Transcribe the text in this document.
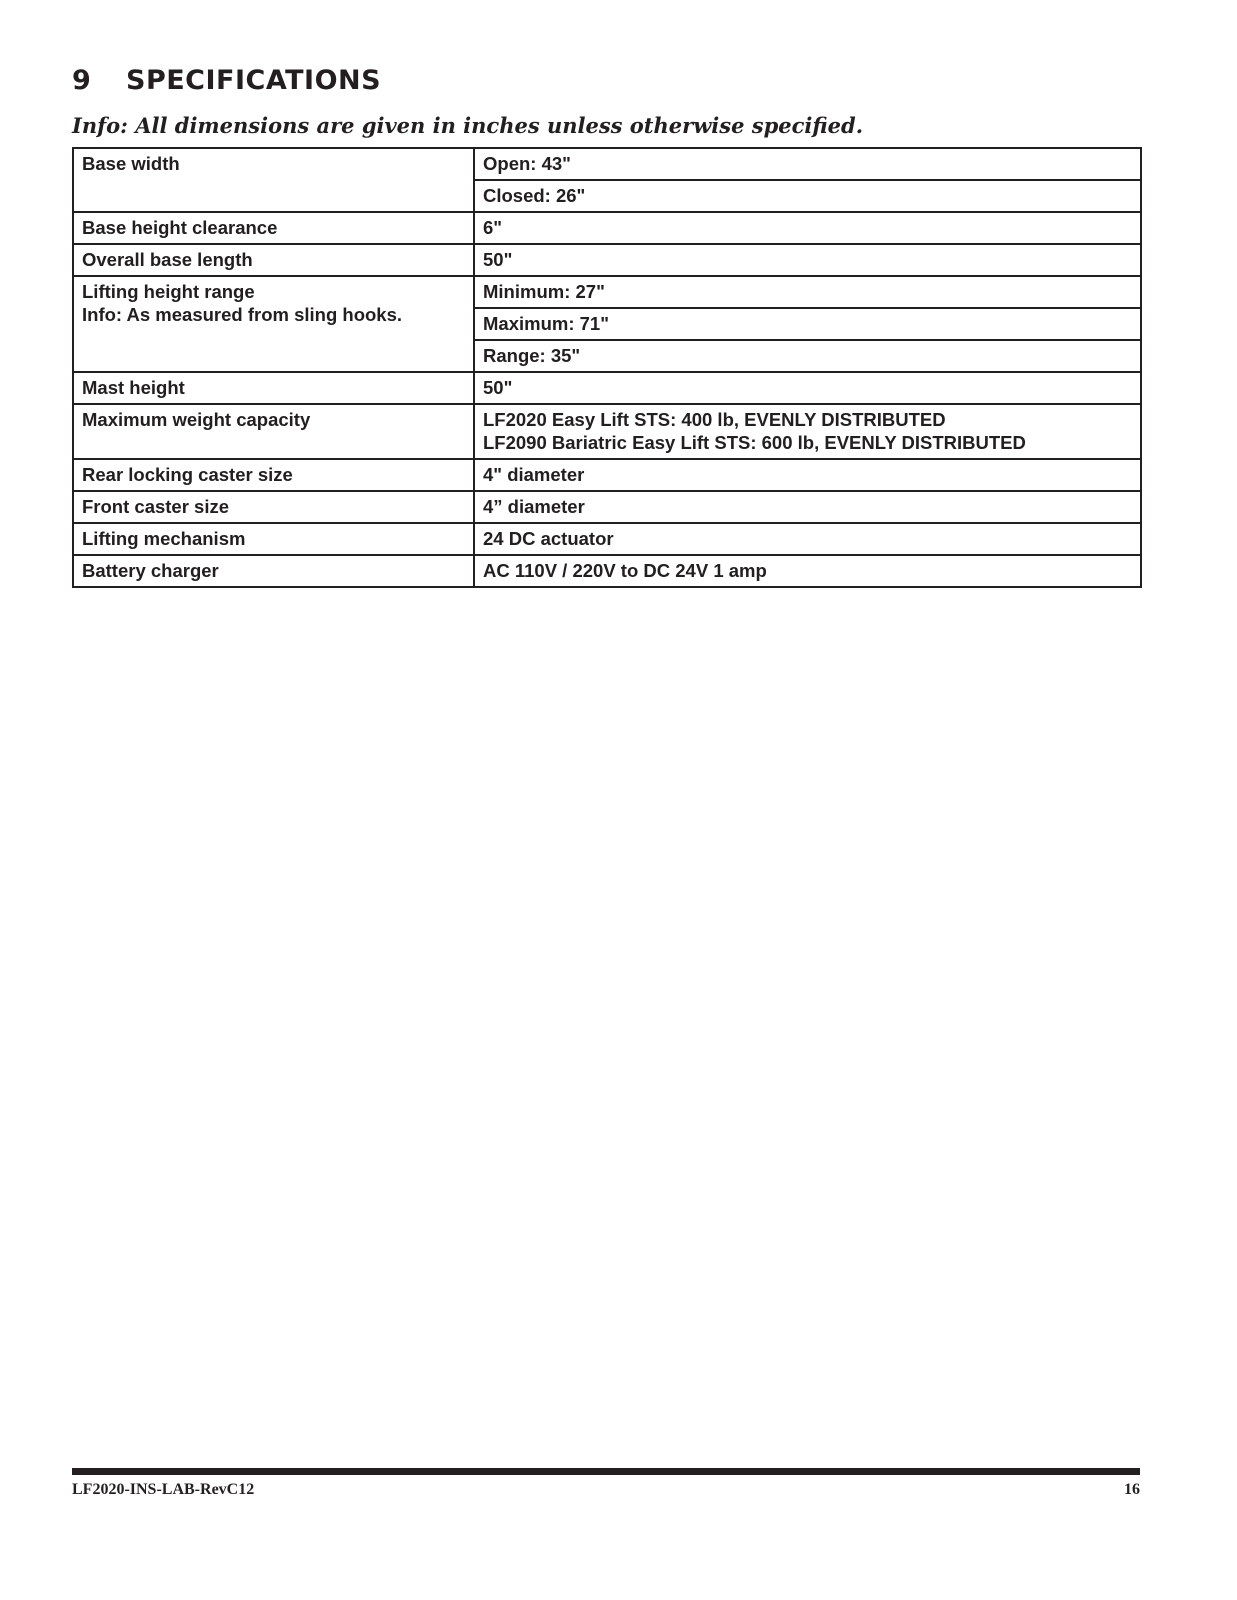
9 SPECIFICATIONS

Info: All dimensions are given in inches unless otherwise specified.

Base width	Open: 43"
	Closed: 26"

Base height clearance	6"

Overall base length	50"

Lifting height range
Info: As measured from sling hooks.	Minimum: 27"
	Maximum: 71"
	Range: 35"

Mast height	50"

Maximum weight capacity	LF2020 Easy Lift STS: 400 lb, EVENLY DISTRIBUTED
LF2090 Bariatric Easy Lift STS: 600 lb, EVENLY DISTRIBUTED

Rear locking caster size	4" diameter

Front caster size	4” diameter

Lifting mechanism	24 DC actuator

Battery charger	AC 110V / 220V to DC 24V 1 amp
LF2020-INS-LAB-RevC12	16
